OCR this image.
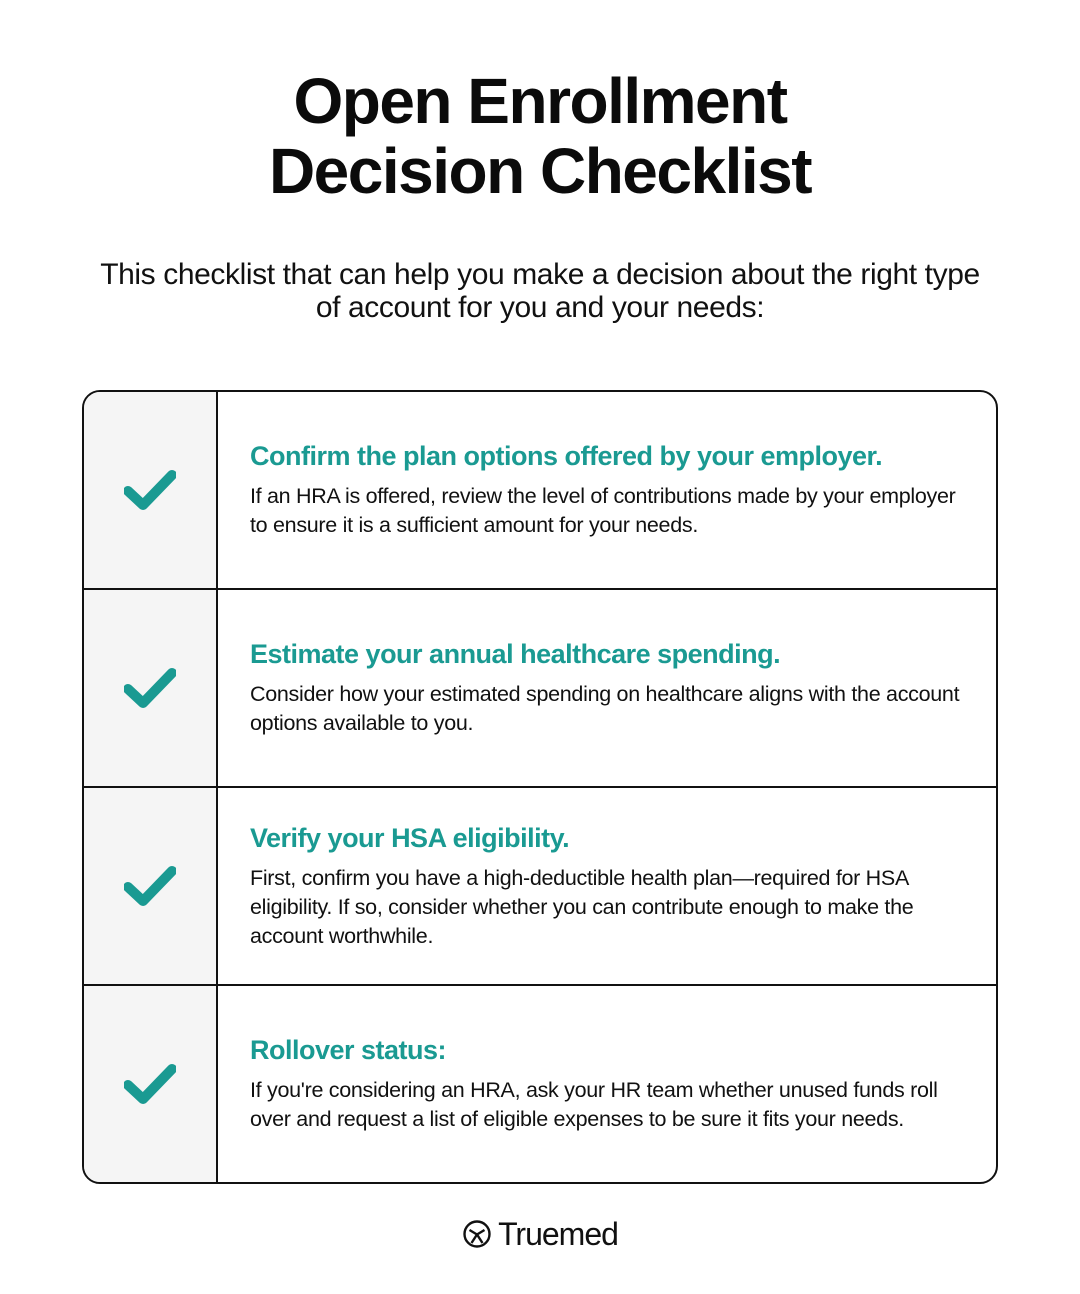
Open Enrollment
Decision Checklist

This checklist that can help you make a decision about the right type of account for you and your needs:

Confirm the plan options offered by your employer.

If an HRA is offered, review the level of contributions made by your employer to ensure it is a sufficient amount for your needs.

Estimate your annual healthcare spending.

Consider how your estimated spending on healthcare aligns with the account options available to you.

Verify your HSA eligibility.

First, confirm you have a high-deductible health plan—required for HSA eligibility. If so, consider whether you can contribute enough to make the account worthwhile.

Rollover status:

If you're considering an HRA, ask your HR team whether unused funds roll over and request a list of eligible expenses to be sure it fits your needs.

Truemed
